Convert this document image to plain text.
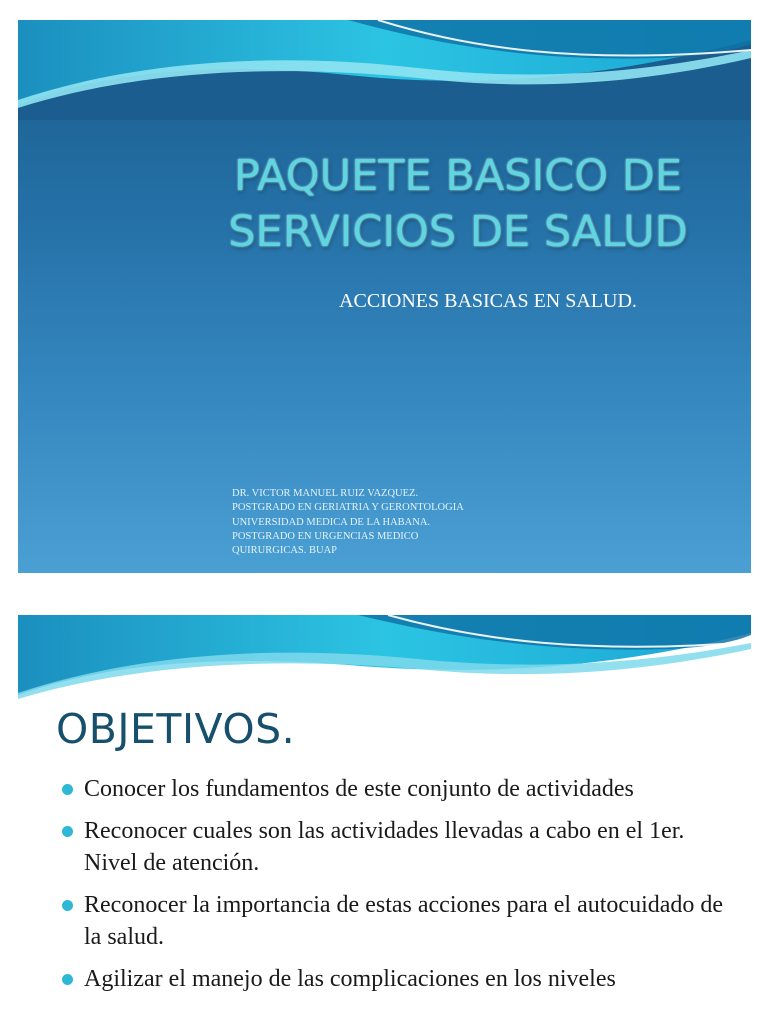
PAQUETE BASICO DE
SERVICIOS DE SALUD
ACCIONES BASICAS EN SALUD.
DR. VICTOR MANUEL RUIZ VAZQUEZ.
POSTGRADO EN GERIATRIA Y GERONTOLOGIA
UNIVERSIDAD MEDICA DE LA HABANA.
POSTGRADO EN URGENCIAS MEDICO
QUIRURGICAS. BUAP
OBJETIVOS.
Conocer los fundamentos de este conjunto de actividades
Reconocer cuales son las actividades llevadas a cabo en el 1er. Nivel de atención.
Reconocer la importancia de estas acciones para el autocuidado de la salud.
Agilizar el manejo de las complicaciones en los niveles
